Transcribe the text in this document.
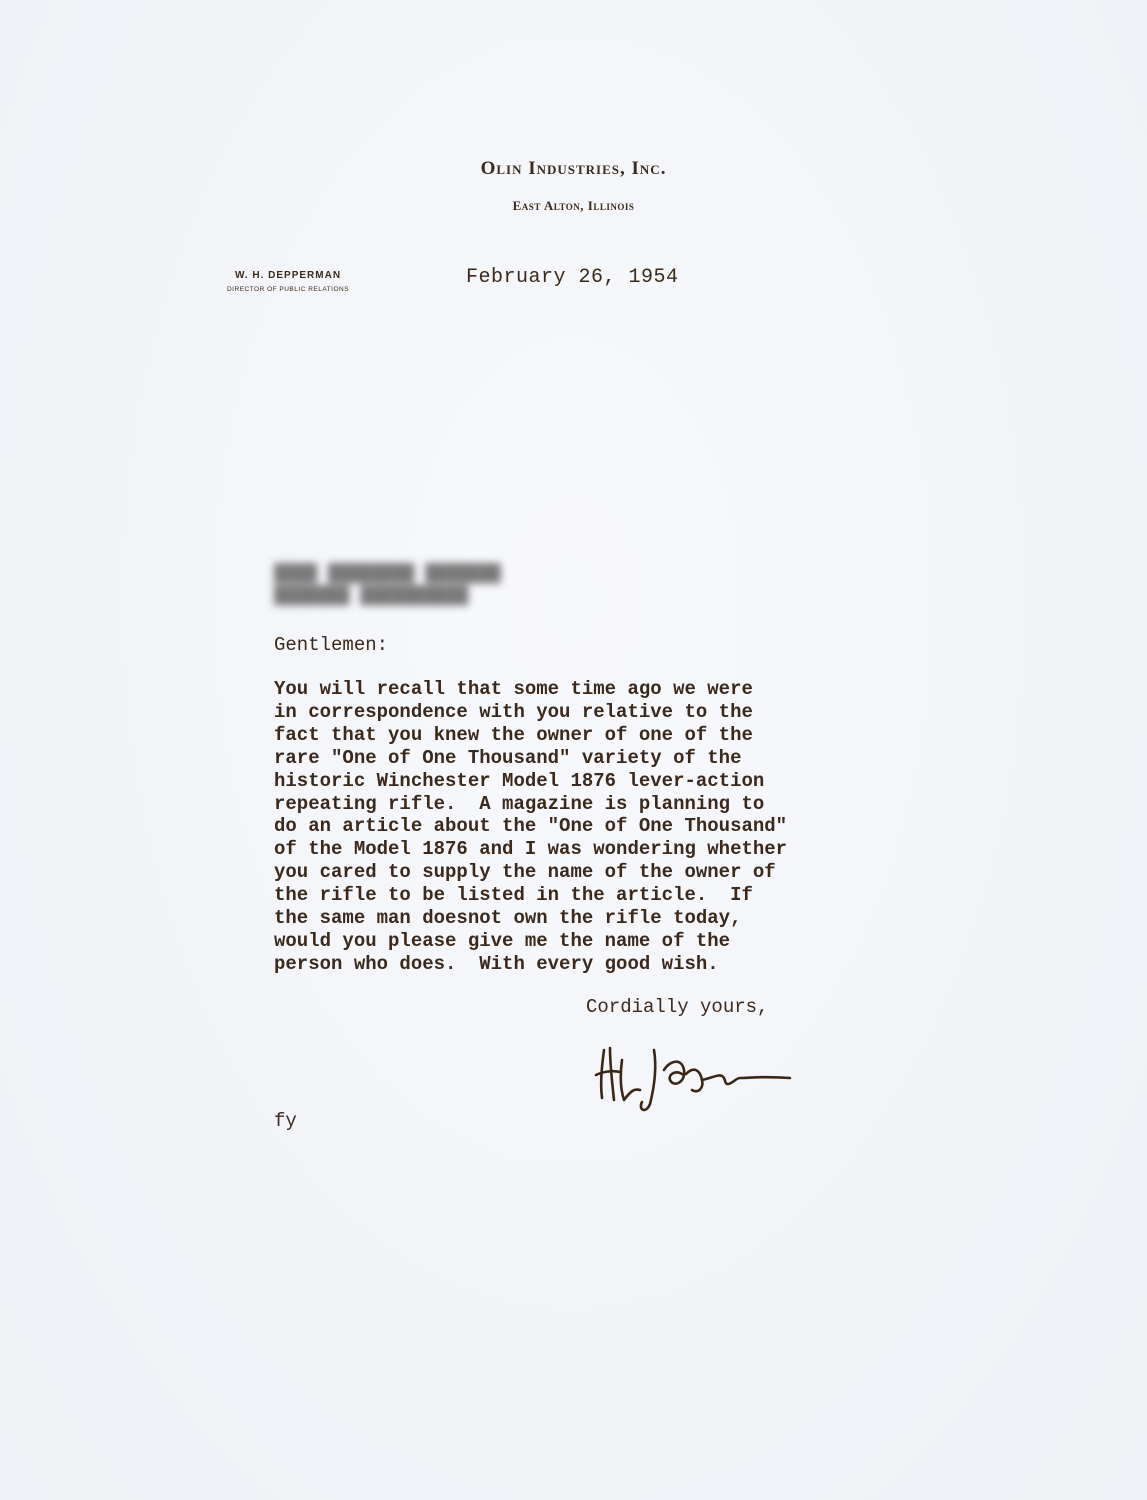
Olin Industries, Inc.
East Alton, Illinois
W. H. DEPPERMAN
DIRECTOR OF PUBLIC RELATIONS
February 26, 1954
████ ████████ ███████
███████ ██████████
Gentlemen:
You will recall that some time ago we were
in correspondence with you relative to the
fact that you knew the owner of one of the
rare "One of One Thousand" variety of the
historic Winchester Model 1876 lever-action
repeating rifle.  A magazine is planning to
do an article about the "One of One Thousand"
of the Model 1876 and I was wondering whether
you cared to supply the name of the owner of
the rifle to be listed in the article.  If
the same man doesnot own the rifle today,
would you please give me the name of the
person who does.  With every good wish.
Cordially yours,
fy
